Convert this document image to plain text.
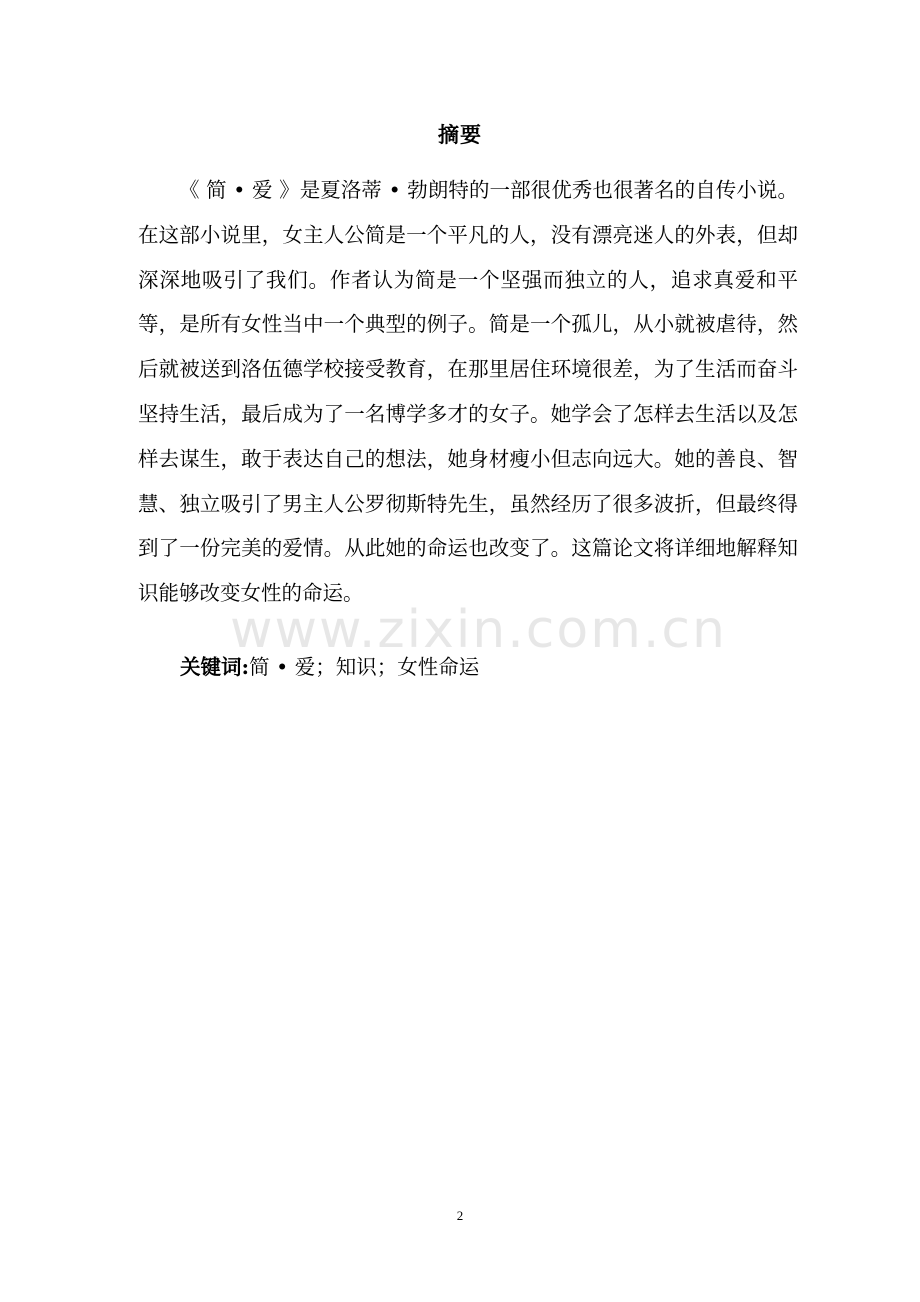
摘要

《 简 • 爱 》是夏洛蒂 • 勃朗特的一部很优秀也很著名的自传小说。在这部小说里，女主人公简是一个平凡的人，没有漂亮迷人的外表，但却深深地吸引了我们。作者认为简是一个坚强而独立的人，追求真爱和平等，是所有女性当中一个典型的例子。简是一个孤儿，从小就被虐待，然后就被送到洛伍德学校接受教育，在那里居住环境很差，为了生活而奋斗坚持生活，最后成为了一名博学多才的女子。她学会了怎样去生活以及怎样去谋生，敢于表达自己的想法，她身材瘦小但志向远大。她的善良、智慧、独立吸引了男主人公罗彻斯特先生，虽然经历了很多波折，但最终得到了一份完美的爱情。从此她的命运也改变了。这篇论文将详细地解释知识能够改变女性的命运。

www.zixin.com.cn
关键词:简 • 爱；知识；女性命运
2
